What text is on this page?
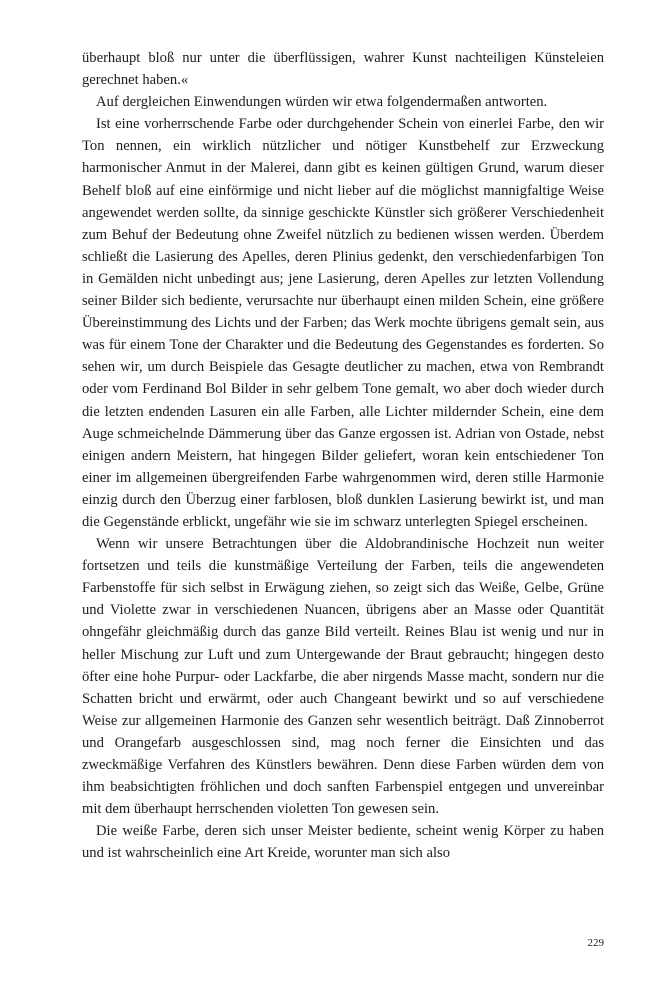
überhaupt bloß nur unter die überflüssigen, wahrer Kunst nachteiligen Künsteleien gerechnet haben.«

Auf dergleichen Einwendungen würden wir etwa folgendermaßen antworten.

Ist eine vorherrschende Farbe oder durchgehender Schein von einerlei Farbe, den wir Ton nennen, ein wirklich nützlicher und nötiger Kunstbehelf zur Erzweckung harmonischer Anmut in der Malerei, dann gibt es keinen gültigen Grund, warum dieser Behelf bloß auf eine einförmige und nicht lieber auf die möglichst mannigfaltige Weise angewendet werden sollte, da sinnige geschickte Künstler sich größerer Verschiedenheit zum Behuf der Bedeutung ohne Zweifel nützlich zu bedienen wissen werden. Überdem schließt die Lasierung des Apelles, deren Plinius gedenkt, den verschiedenfarbigen Ton in Gemälden nicht unbedingt aus; jene Lasierung, deren Apelles zur letzten Vollendung seiner Bilder sich bediente, verursachte nur überhaupt einen milden Schein, eine größere Übereinstimmung des Lichts und der Farben; das Werk mochte übrigens gemalt sein, aus was für einem Tone der Charakter und die Bedeutung des Gegenstandes es forderten. So sehen wir, um durch Beispiele das Gesagte deutlicher zu machen, etwa von Rembrandt oder vom Ferdinand Bol Bilder in sehr gelbem Tone gemalt, wo aber doch wieder durch die letzten endenden Lasuren ein alle Farben, alle Lichter mildernder Schein, eine dem Auge schmeichelnde Dämmerung über das Ganze ergossen ist. Adrian von Ostade, nebst einigen andern Meistern, hat hingegen Bilder geliefert, woran kein entschiedener Ton einer im allgemeinen übergreifenden Farbe wahrgenommen wird, deren stille Harmonie einzig durch den Überzug einer farblosen, bloß dunklen Lasierung bewirkt ist, und man die Gegenstände erblickt, ungefähr wie sie im schwarz unterlegten Spiegel erscheinen.

Wenn wir unsere Betrachtungen über die Aldobrandinische Hochzeit nun weiter fortsetzen und teils die kunstmäßige Verteilung der Farben, teils die angewendeten Farbenstoffe für sich selbst in Erwägung ziehen, so zeigt sich das Weiße, Gelbe, Grüne und Violette zwar in verschiedenen Nuancen, übrigens aber an Masse oder Quantität ohngefähr gleichmäßig durch das ganze Bild verteilt. Reines Blau ist wenig und nur in heller Mischung zur Luft und zum Untergewande der Braut gebraucht; hingegen desto öfter eine hohe Purpur- oder Lackfarbe, die aber nirgends Masse macht, sondern nur die Schatten bricht und erwärmt, oder auch Changeant bewirkt und so auf verschiedene Weise zur allgemeinen Harmonie des Ganzen sehr wesentlich beiträgt. Daß Zinnoberrot und Orangefarb ausgeschlossen sind, mag noch ferner die Einsichten und das zweckmäßige Verfahren des Künstlers bewähren. Denn diese Farben würden dem von ihm beabsichtigten fröhlichen und doch sanften Farbenspiel entgegen und unvereinbar mit dem überhaupt herrschenden violetten Ton gewesen sein.

Die weiße Farbe, deren sich unser Meister bediente, scheint wenig Körper zu haben und ist wahrscheinlich eine Art Kreide, worunter man sich also

229
